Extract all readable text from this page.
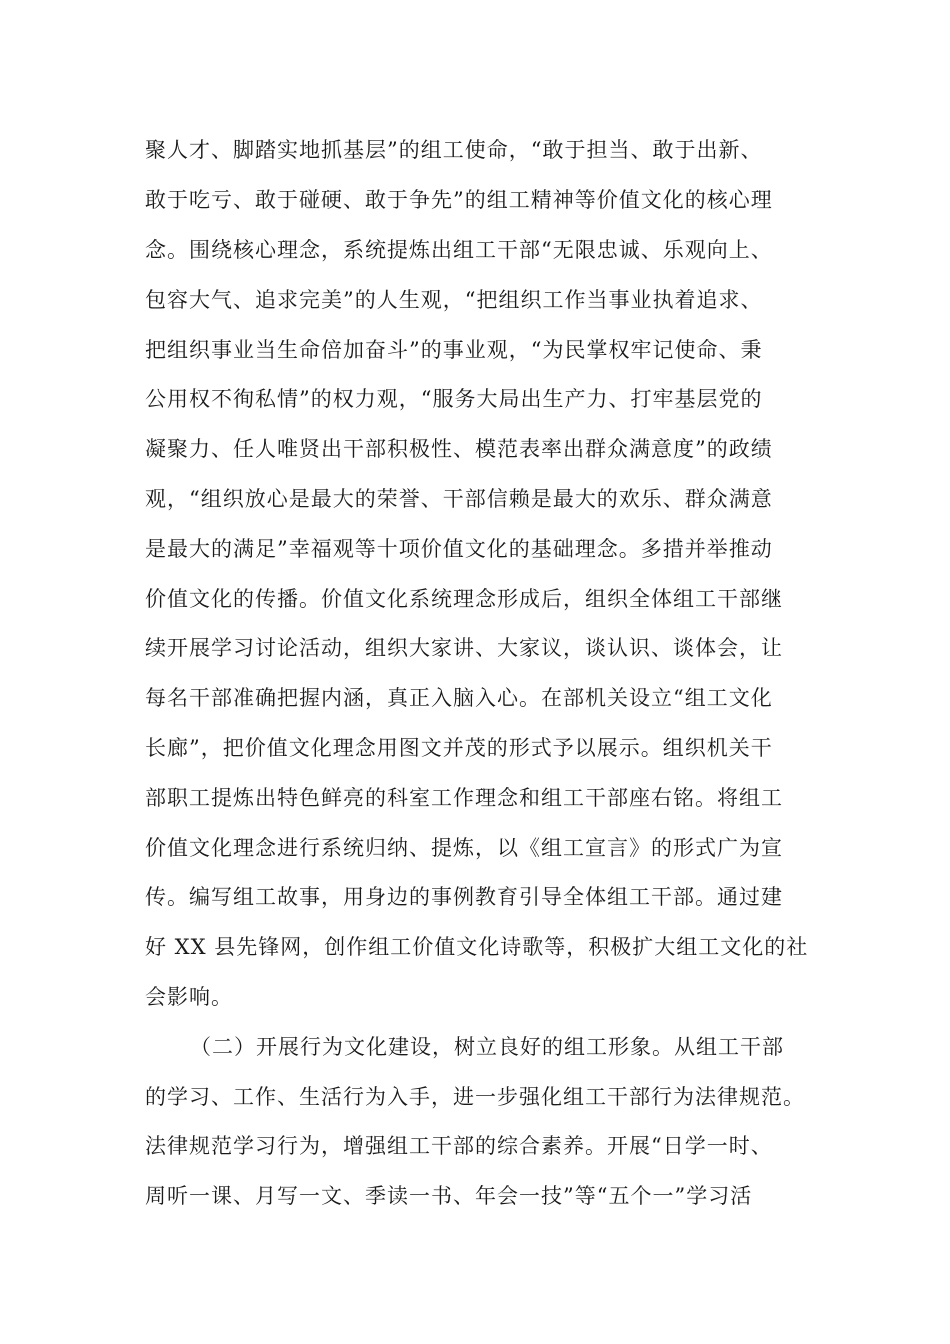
聚人才、脚踏实地抓基层”的组工使命，“敢于担当、敢于出新、
敢于吃亏、敢于碰硬、敢于争先”的组工精神等价值文化的核心理
念。围绕核心理念，系统提炼出组工干部“无限忠诚、乐观向上、
包容大气、追求完美”的人生观，“把组织工作当事业执着追求、
把组织事业当生命倍加奋斗”的事业观，“为民掌权牢记使命、秉
公用权不徇私情”的权力观，“服务大局出生产力、打牢基层党的
凝聚力、任人唯贤出干部积极性、模范表率出群众满意度”的政绩
观，“组织放心是最大的荣誉、干部信赖是最大的欢乐、群众满意
是最大的满足”幸福观等十项价值文化的基础理念。多措并举推动
价值文化的传播。价值文化系统理念形成后，组织全体组工干部继
续开展学习讨论活动，组织大家讲、大家议，谈认识、谈体会，让
每名干部准确把握内涵，真正入脑入心。在部机关设立“组工文化
长廊”，把价值文化理念用图文并茂的形式予以展示。组织机关干
部职工提炼出特色鲜亮的科室工作理念和组工干部座右铭。将组工
价值文化理念进行系统归纳、提炼，以《组工宣言》的形式广为宣
传。编写组工故事，用身边的事例教育引导全体组工干部。通过建
好 XX 县先锋网，创作组工价值文化诗歌等，积极扩大组工文化的社
会影响。
（二）开展行为文化建设，树立良好的组工形象。从组工干部
的学习、工作、生活行为入手，进一步强化组工干部行为法律规范。
法律规范学习行为，增强组工干部的综合素养。开展“日学一时、
周听一课、月写一文、季读一书、年会一技”等“五个一”学习活
